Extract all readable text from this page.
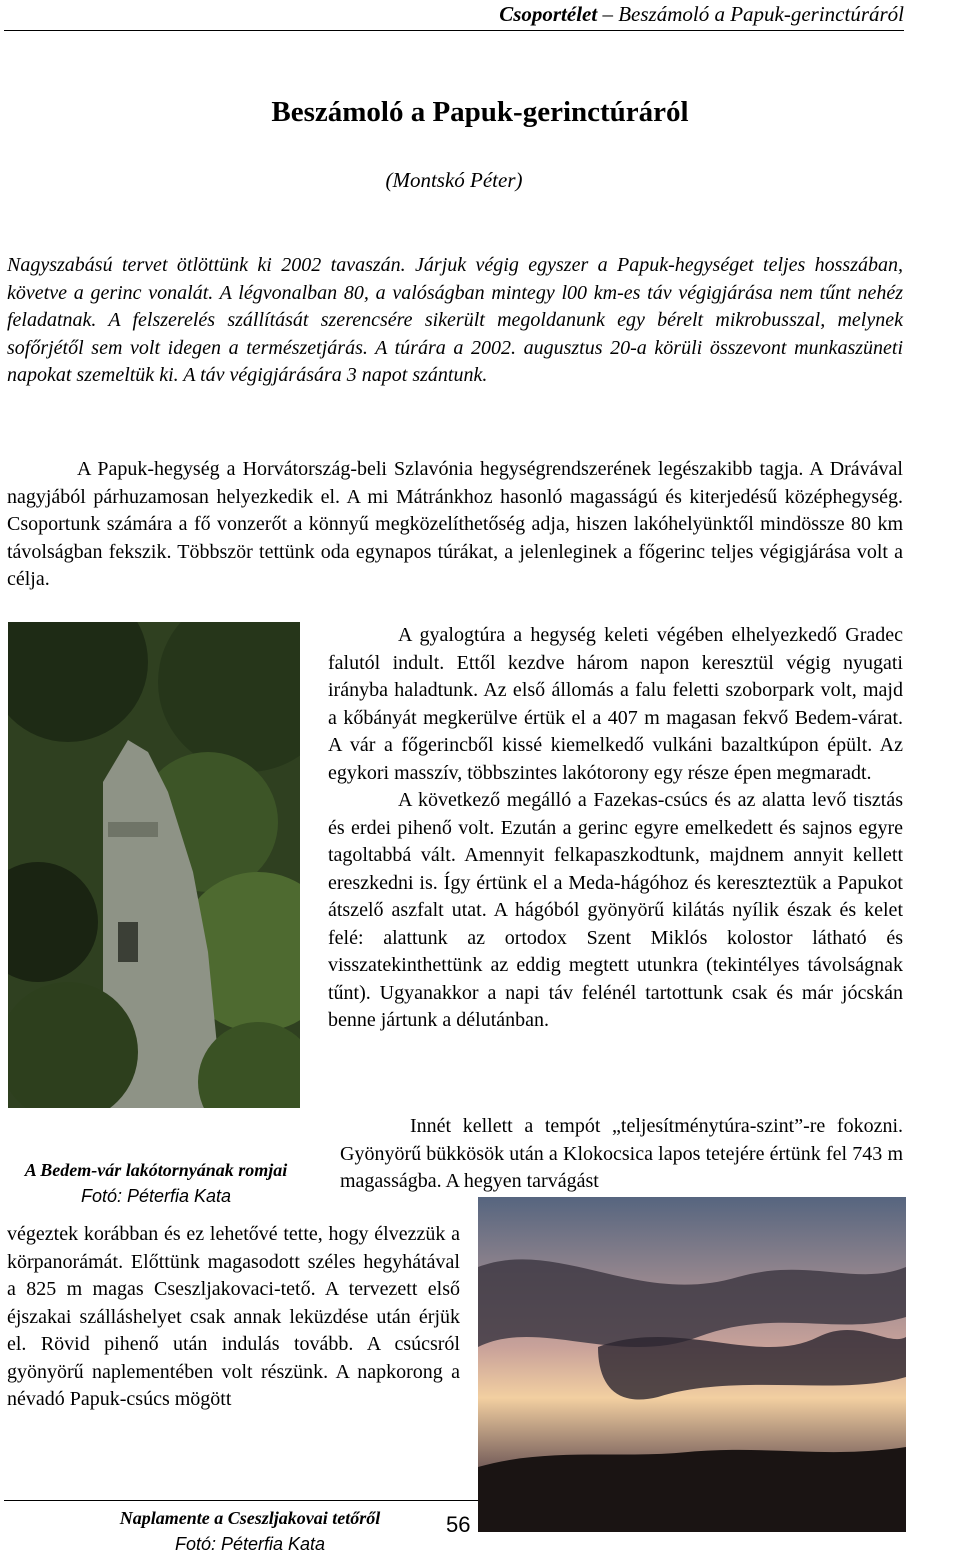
Csoportélet – Beszámoló a Papuk-gerinctúráról
Beszámoló a Papuk-gerinctúráról
(Montskó Péter)
Nagyszabású tervet ötlöttünk ki 2002 tavaszán. Járjuk végig egyszer a Papuk-hegységet teljes hosszában, követve a gerinc vonalát. A légvonalban 80, a valóságban mintegy l00 km-es táv végigjárása nem tűnt nehéz feladatnak. A felszerelés szállítását szerencsére sikerült megoldanunk egy bérelt mikrobusszal, melynek sofőrjétől sem volt idegen a természetjárás. A túrára a 2002. augusztus 20-a körüli összevont munkaszüneti napokat szemeltük ki. A táv végigjárására 3 napot szántunk.
A Papuk-hegység a Horvátország-beli Szlavónia hegységrendszerének legészakibb tagja. A Drávával nagyjából párhuzamosan helyezkedik el. A mi Mátránkhoz hasonló magasságú és kiterjedésű középhegység. Csoportunk számára a fő vonzerőt a könnyű megközelíthetőség adja, hiszen lakóhelyünktől mindössze 80 km távolságban fekszik. Többször tettünk oda egynapos túrákat, a jelenleginek a főgerinc teljes végigjárása volt a célja.
A Bedem-vár lakótornyának romjai
Fotó: Péterfia Kata
A gyalogtúra a hegység keleti végében elhelyezkedő Gradec falutól indult. Ettől kezdve három napon keresztül végig nyugati irányba haladtunk. Az első állomás a falu feletti szoborpark volt, majd a kőbányát megkerülve értük el a 407 m magasan fekvő Bedem-várat. A vár a főgerincből kissé kiemelkedő vulkáni bazaltkúpon épült. Az egykori masszív, többszintes lakótorony egy része épen megmaradt.
A következő megálló a Fazekas-csúcs és az alatta levő tisztás és erdei pihenő volt. Ezután a gerinc egyre emelkedett és sajnos egyre tagoltabbá vált. Amennyit felkapaszkodtunk, majdnem annyit kellett ereszkedni is. Így értünk el a Meda-hágóhoz és kereszteztük a Papukot átszelő aszfalt utat. A hágóból gyönyörű kilátás nyílik észak és kelet felé: alattunk az ortodox Szent Miklós kolostor látható és visszatekinthettünk az eddig megtett utunkra (tekintélyes távolságnak tűnt). Ugyanakkor a napi táv felénél tartottunk csak és már jócskán benne jártunk a délutánban.
Innét kellett a tempót „teljesítménytúra-szint”-re fokozni. Gyönyörű bükkösök után a Klokocsica lapos tetejére értünk fel 743 m magasságba. A hegyen tarvágást
végeztek korábban és ez lehetővé tette, hogy élvezzük a körpanorámát. Előttünk magasodott széles hegyhátával a 825 m magas Cseszljakovaci-tető. A tervezett első éjszakai szálláshelyet csak annak leküzdése után érjük el. Rövid pihenő után indulás tovább. A csúcsról gyönyörű naplementében volt részünk. A napkorong a névadó Papuk-csúcs mögött
Naplamente a Cseszljakovai tetőről
Fotó: Péterfia Kata
56
